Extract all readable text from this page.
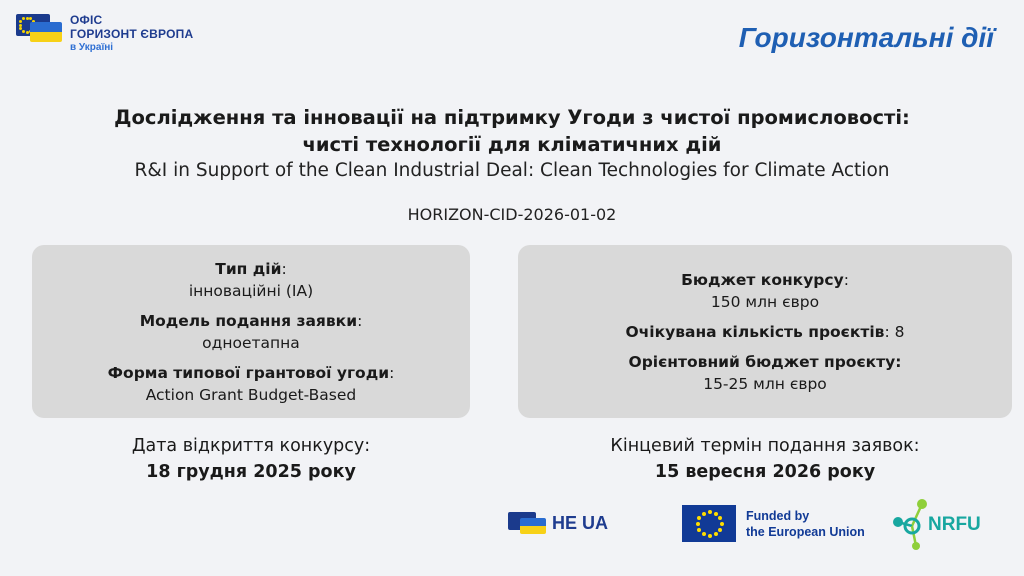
ОФІС
ГОРИЗОНТ ЄВРОПА
в Україні	Горизонтальні дії
Дослідження та інновації на підтримку Угоди з чистої промисловості:
чисті технології для кліматичних дій
R&I in Support of the Clean Industrial Deal: Clean Technologies for Climate Action
HORIZON-CID-2026-01-02
Тип дій:
інноваційні (IA)
Модель подання заявки:
одноетапна
Форма типової грантової угоди:
Action Grant Budget-Based
Бюджет конкурсу:
150 млн євро
Очікувана кількість проєктів: 8
Орієнтовний бюджет проєкту:
15-25 млн євро
Дата відкриття конкурсу:
18 грудня 2025 року
Кінцевий термін подання заявок:
15 вересня 2026 року
HE UA	Funded by
the European Union	NRFU
